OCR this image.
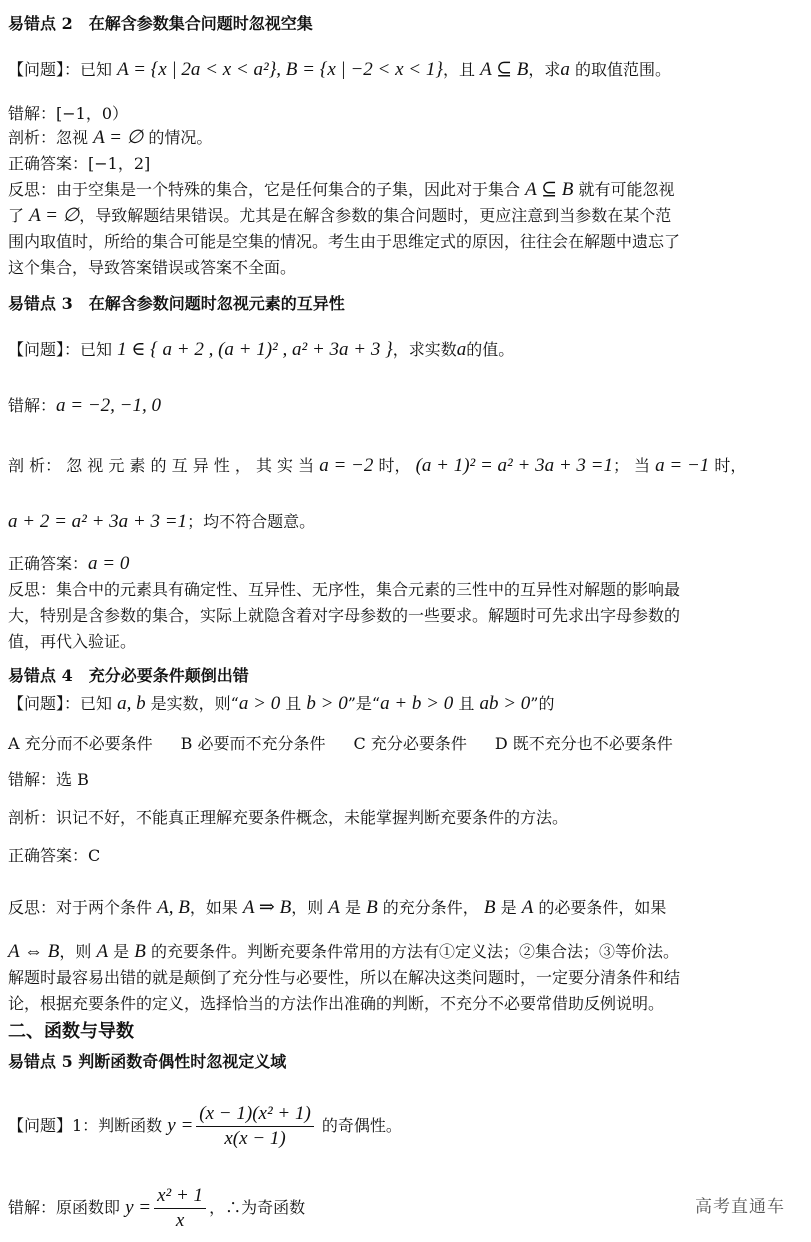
易错点 2　在解含参数集合问题时忽视空集
【问题】：已知 A = {x | 2a < x < a²}, B = {x | −2 < x < 1}，且 A ⊆ B，求a 的取值范围。
错解：[−1，0）
剖析：忽视 A = ∅ 的情况。
正确答案：[−1，2]
反思：由于空集是一个特殊的集合，它是任何集合的子集，因此对于集合 A ⊆ B 就有可能忽视
了 A = ∅，导致解题结果错误。尤其是在解含参数的集合问题时，更应注意到当参数在某个范
围内取值时，所给的集合可能是空集的情况。考生由于思维定式的原因，往往会在解题中遗忘了
这个集合，导致答案错误或答案不全面。
易错点 3　在解含参数问题时忽视元素的互异性
【问题】：已知 1 ∈ { a + 2 , (a + 1)² , a² + 3a + 3 }，求实数a的值。
错解：a = −2, −1, 0
剖 析： 忽 视 元 素 的 互 异 性 ， 其 实 当 a = −2 时， (a + 1)² = a² + 3a + 3 =1； 当 a = −1 时，
a + 2 = a² + 3a + 3 =1；均不符合题意。
正确答案：a = 0
反思：集合中的元素具有确定性、互异性、无序性，集合元素的三性中的互异性对解题的影响最
大，特别是含参数的集合，实际上就隐含着对字母参数的一些要求。解题时可先求出字母参数的
值，再代入验证。
易错点 4　充分必要条件颠倒出错
【问题】：已知 a, b 是实数，则“a > 0 且 b > 0”是“a + b > 0 且 ab > 0”的
A 充分而不必要条件 B 必要而不充分条件 C 充分必要条件 D 既不充分也不必要条件
错解：选 B
剖析：识记不好，不能真正理解充要条件概念，未能掌握判断充要条件的方法。
正确答案：C
反思：对于两个条件 A, B，如果 A ⇒ B，则 A 是 B 的充分条件， B 是 A 的必要条件，如果
A ⇔ B，则 A 是 B 的充要条件。判断充要条件常用的方法有①定义法；②集合法；③等价法。
解题时最容易出错的就是颠倒了充分性与必要性，所以在解决这类问题时，一定要分清条件和结
论，根据充要条件的定义，选择恰当的方法作出准确的判断，不充分不必要常借助反例说明。
二、函数与导数
易错点 5 判断函数奇偶性时忽视定义域
【问题】1：判断函数 $y = \frac{\text{(x − 1)(x² + 1)}}{x(x - 1)}$ 的奇偶性。
错解：原函数即 $y = \frac{\text{x² + 1}}{x}$ ，∴为奇函数	高考直通车
